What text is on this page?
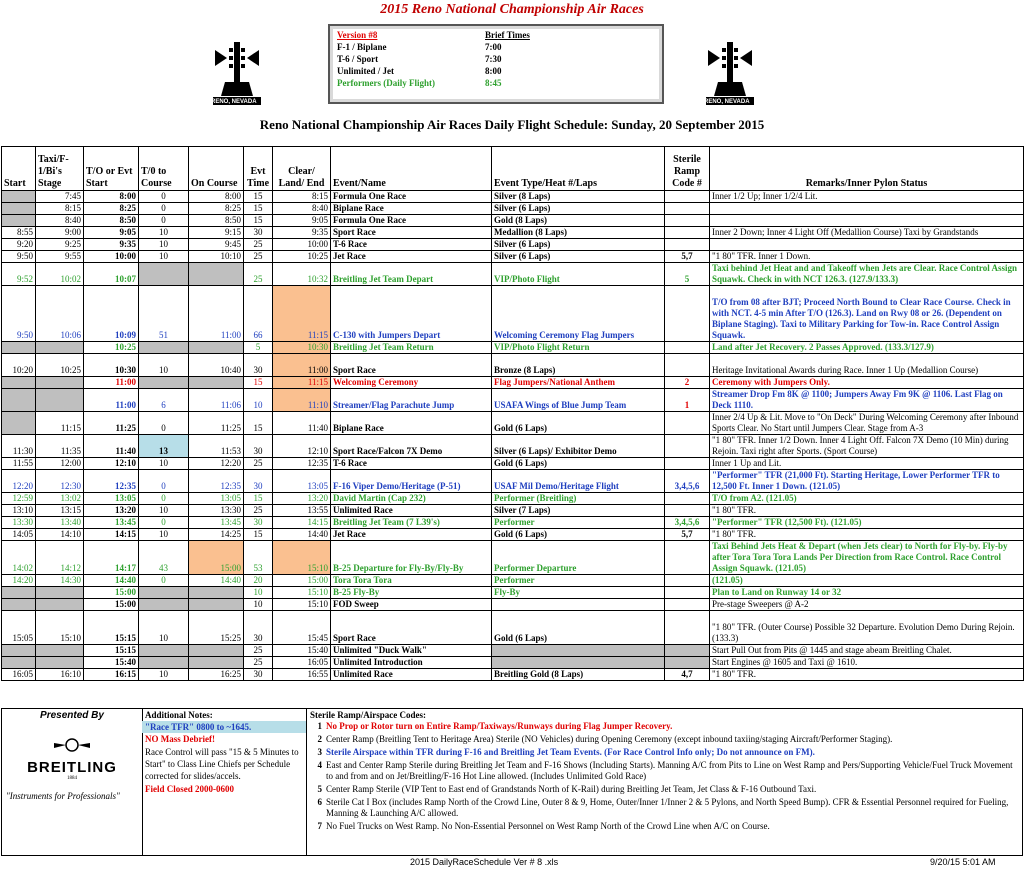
2015 Reno National Championship Air Races
RENO, NEVADA	RENO, NEVADA
Version #8	Brief Times
F-1 / Biplane	7:00
T-6 / Sport	7:30
Unlimited / Jet	8:00
Performers (Daily Flight)	8:45
Reno National Championship Air Races Daily Flight Schedule: Sunday, 20 September 2015
Start	Taxi/F-1/Bi's Stage	T/O or Evt Start	T/0 to Course	On Course	Evt Time	Clear/ Land/ End	Event/Name	Event Type/Heat #/Laps	Sterile Ramp Code #	Remarks/Inner Pylon Status
	7:45	8:00	0	8:00	15	8:15	Formula One Race	Silver (8 Laps)		Inner 1/2 Up; Inner 1/2/4 Lit.
	8:15	8:25	0	8:25	15	8:40	Biplane Race	Silver (6 Laps)		
	8:40	8:50	0	8:50	15	9:05	Formula One Race	Gold (8 Laps)		
8:55	9:00	9:05	10	9:15	30	9:35	Sport Race	Medallion (8 Laps)		Inner 2 Down; Inner 4 Light Off (Medallion Course) Taxi by Grandstands
9:20	9:25	9:35	10	9:45	25	10:00	T-6 Race	Silver (6 Laps)		
9:50	9:55	10:00	10	10:10	25	10:25	Jet Race	Silver (6 Laps)	5,7	"1 80" TFR. Inner 1 Down.
9:52	10:02	10:07			25	10:32	Breitling Jet Team Depart	VIP/Photo Flight	5	Taxi behind Jet Heat and and Takeoff when Jets are Clear. Race Control Assign Squawk. Check in with NCT 126.3. (127.9/133.3)
9:50	10:06	10:09	51	11:00	66	11:15	C-130 with Jumpers Depart	Welcoming Ceremony Flag Jumpers		T/O from 08 after BJT; Proceed North Bound to Clear Race Course. Check in with NCT. 4-5 min After T/O (126.3). Land on Rwy 08 or 26. (Dependent on Biplane Staging). Taxi to Military Parking for Tow-in. Race Control Assign Squawk.
		10:25			5	10:30	Breitling Jet Team Return	VIP/Photo Flight Return		Land after Jet Recovery. 2 Passes Approved. (133.3/127.9)
10:20	10:25	10:30	10	10:40	30	11:00	Sport Race	Bronze (8 Laps)		Heritage Invitational Awards during Race. Inner 1 Up (Medallion Course)
		11:00			15	11:15	Welcoming Ceremony	Flag Jumpers/National Anthem	2	Ceremony with Jumpers Only.
		11:00	6	11:06	10	11:10	Streamer/Flag Parachute Jump	USAFA Wings of Blue Jump Team	1	Streamer Drop Fm 8K @ 1100; Jumpers Away Fm 9K @ 1106. Last Flag on Deck 1110.
	11:15	11:25	0	11:25	15	11:40	Biplane Race	Gold (6 Laps)		Inner 2/4 Up & Lit. Move to "On Deck" During Welcoming Ceremony after Inbound Sports Clear. No Start until Jumpers Clear. Stage from A-3
11:30	11:35	11:40	13	11:53	30	12:10	Sport Race/Falcon 7X Demo	Silver (6 Laps)/ Exhibitor Demo		"1 80" TFR. Inner 1/2 Down. Inner 4 Light Off. Falcon 7X Demo (10 Min) during Rejoin. Taxi right after Sports. (Sport Course)
11:55	12:00	12:10	10	12:20	25	12:35	T-6 Race	Gold (6 Laps)		Inner 1 Up and Lit.
12:20	12:30	12:35	0	12:35	30	13:05	F-16 Viper Demo/Heritage (P-51)	USAF Mil Demo/Heritage Flight	3,4,5,6	"Performer" TFR (21,000 Ft). Starting Heritage, Lower Performer TFR to 12,500 Ft. Inner 1 Down. (121.05)
12:59	13:02	13:05	0	13:05	15	13:20	David Martin (Cap 232)	Performer (Breitling)		T/O from A2. (121.05)
13:10	13:15	13:20	10	13:30	25	13:55	Unlimited Race	Silver (7 Laps)		"1 80" TFR.
13:30	13:40	13:45	0	13:45	30	14:15	Breitling Jet Team (7 L39's)	Performer	3,4,5,6	"Performer" TFR (12,500 Ft). (121.05)
14:05	14:10	14:15	10	14:25	15	14:40	Jet Race	Gold (6 Laps)	5,7	"1 80" TFR.
14:02	14:12	14:17	43	15:00	53	15:10	B-25 Departure for Fly-By/Fly-By	Performer Departure		Taxi Behind Jets Heat & Depart (when Jets clear) to North for Fly-by. Fly-by after Tora Tora Tora Lands Per Direction from Race Control. Race Control Assign Squawk. (121.05)
14:20	14:30	14:40	0	14:40	20	15:00	Tora Tora Tora	Performer		(121.05)
		15:00			10	15:10	B-25 Fly-By	Fly-By		Plan to Land on Runway 14 or 32
		15:00			10	15:10	FOD Sweep			Pre-stage Sweepers @ A-2
15:05	15:10	15:15	10	15:25	30	15:45	Sport Race	Gold (6 Laps)		"1 80" TFR. (Outer Course) Possible 32 Departure. Evolution Demo During Rejoin. (133.3)
		15:15			25	15:40	Unlimited "Duck Walk"			Start Pull Out from Pits @ 1445 and stage abeam Breitling Chalet.
		15:40			25	16:05	Unlimited Introduction			Start Engines @ 1605 and Taxi @ 1610.
16:05	16:10	16:15	10	16:25	30	16:55	Unlimited Race	Breitling Gold (8 Laps)	4,7	"1 80" TFR.
Presented By
BREITLING
1884
"Instruments for Professionals"
Additional Notes:
"Race TFR" 0800 to ~1645.
NO Mass Debrief!
Race Control will pass "15 & 5 Minutes to Start" to Class Line Chiefs per Schedule corrected for slides/accels.
Field Closed 2000-0600
Sterile Ramp/Airspace Codes:
1 No Prop or Rotor turn on Entire Ramp/Taxiways/Runways during Flag Jumper Recovery.
2 Center Ramp (Breitling Tent to Heritage Area) Sterile (NO Vehicles) during Opening Ceremony (except inbound taxiing/staging Aircraft/Performer Staging).
3 Sterile Airspace within TFR during F-16 and Breitling Jet Team Events. (For Race Control Info only; Do not announce on FM).
4 East and Center Ramp Sterile during Breitling Jet Team and F-16 Shows (Including Starts). Manning A/C from Pits to Line on West Ramp and Pers/Supporting Vehicle/Fuel Truck Movement to and from and on Jet/Breitling/F-16 Hot Line allowed. (Includes Unlimited Gold Race)
5 Center Ramp Sterile (VIP Tent to East end of Grandstands North of K-Rail) during Breitling Jet Team, Jet Class & F-16 Outbound Taxi.
6 Sterile Cat I Box (includes Ramp North of the Crowd Line, Outer 8 & 9, Home, Outer/Inner 1/Inner 2 & 5 Pylons, and North Speed Bump). CFR & Essential Personnel required for Fueling, Manning & Launching A/C allowed.
7 No Fuel Trucks on West Ramp. No Non-Essential Personnel on West Ramp North of the Crowd Line when A/C on Course.
2015 DailyRaceSchedule Ver # 8 .xls	9/20/15 5:01 AM
